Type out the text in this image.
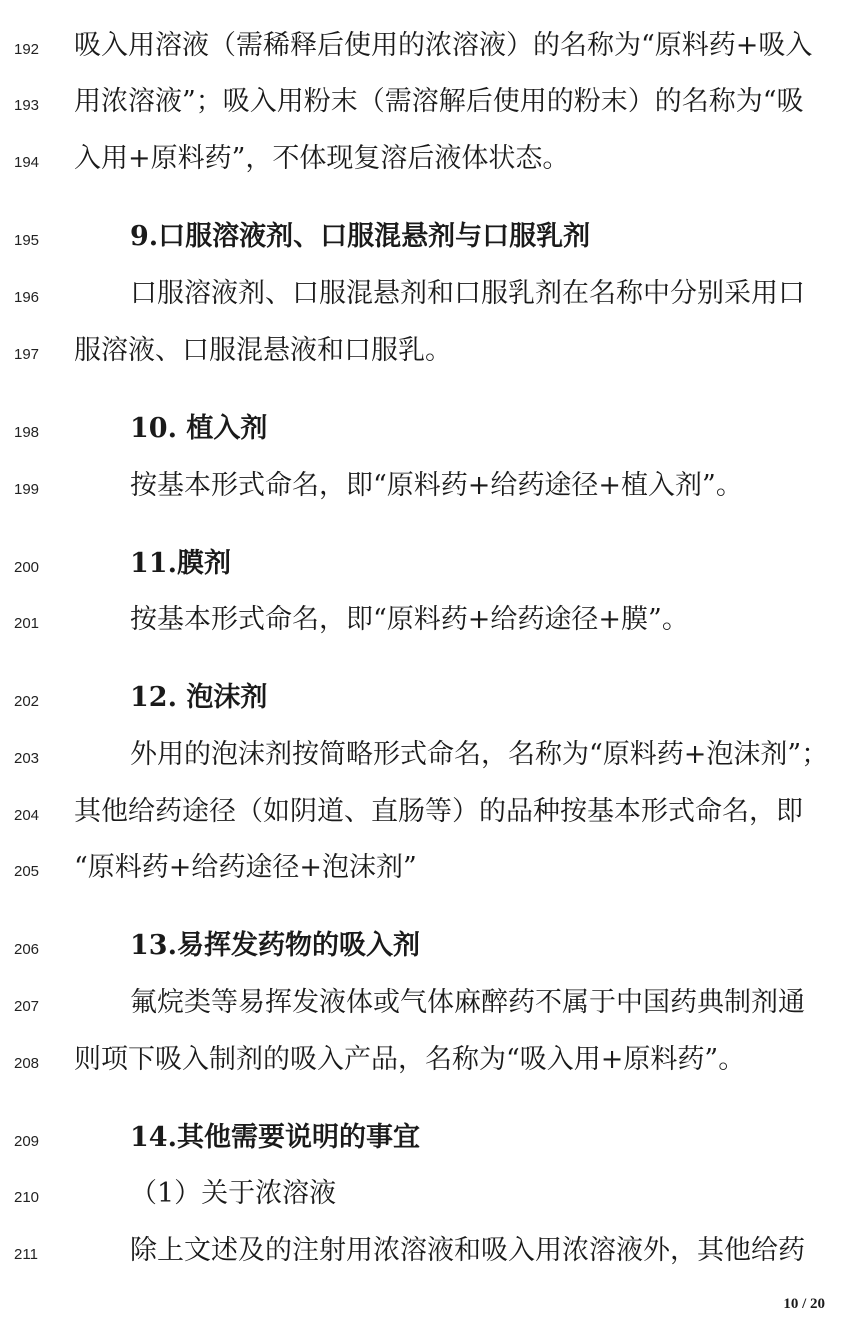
192 吸入用溶液（需稀释后使用的浓溶液）的名称为“原料药+吸入
193 用浓溶液”；吸入用粉末（需溶解后使用的粉末）的名称为“吸
194 入用+原料药”，不体现复溶后液体状态。
195	9.口服溶液剂、口服混悬剂与口服乳剂
196	口服溶液剂、口服混悬剂和口服乳剂在名称中分别采用口
197 服溶液、口服混悬液和口服乳。
198	10. 植入剂
199	按基本形式命名，即“原料药+给药途径+植入剂”。
200	11.膜剂
201	按基本形式命名，即“原料药+给药途径+膜”。
202	12. 泡沫剂
203	外用的泡沫剂按简略形式命名，名称为“原料药+泡沫剂”；
204 其他给药途径（如阴道、直肠等）的品种按基本形式命名，即
205 “原料药+给药途径+泡沫剂”
206	13.易挥发药物的吸入剂
207	氟烷类等易挥发液体或气体麻醉药不属于中国药典制剂通
208 则项下吸入制剂的吸入产品，名称为“吸入用+原料药”。
209	14.其他需要说明的事宜
210	（1）关于浓溶液
211	除上文述及的注射用浓溶液和吸入用浓溶液外，其他给药
10 / 20
